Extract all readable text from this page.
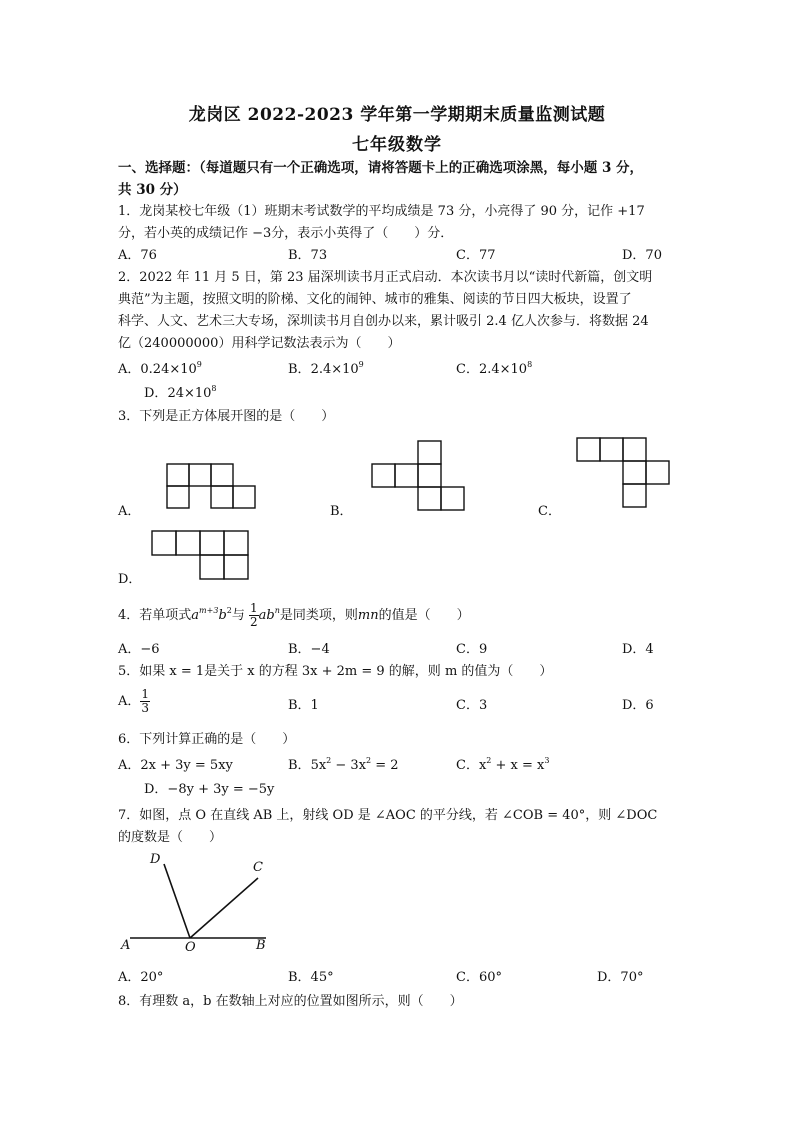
龙岗区 2022-2023 学年第一学期期末质量监测试题
七年级数学
一、选择题：（每道题只有一个正确选项，请将答题卡上的正确选项涂黑，每小题 3 分，
共 30 分）
1．龙岗某校七年级（1）班期末考试数学的平均成绩是 73 分，小亮得了 90 分，记作 +17
分，若小英的成绩记作 −3分，表示小英得了（　　）分．
A．76	B．73	C．77	D．70
2．2022 年 11 月 5 日，第 23 届深圳读书月正式启动．本次读书月以“读时代新篇，创文明
典范”为主题，按照文明的阶梯、文化的闹钟、城市的雅集、阅读的节日四大板块，设置了
科学、人文、艺术三大专场，深圳读书月自创办以来，累计吸引 2.4 亿人次参与．将数据 24
亿（240000000）用科学记数法表示为（　　）
A．$0.24\times 10^9$	B．$2.4\times 10^9$	C．$2.4\times 10^8$
D．$24\times 10^8$
3．下列是正方体展开图的是（　　）
A．	B．	C．
D．
4．若单项式$a^{m+3}b^2$与 $\frac{1}{2} ab^n$是同类项，则mn的值是（　　）
A．−6	B．−4	C．9	D．4
5．如果 x = 1是关于 x 的方程 3x + 2m = 9 的解，则 m 的值为（　　）
A． $\frac{1}{3}$	B．1	C．3	D．6
6．下列计算正确的是（　　）
A．2x + 3y = 5xy	B．$5x^2 - 3x^2 = 2$	C．$x^2 + x = x^3$
D．−8y + 3y = −5y
7．如图，点 O 在直线 AB 上，射线 OD 是 ∠AOC 的平分线，若 ∠COB = 40°，则 ∠DOC
的度数是（　　）
A	B
C
D
O
A．20°	B．45°	C．60°	D．70°
8．有理数 a，b 在数轴上对应的位置如图所示，则（　　）
